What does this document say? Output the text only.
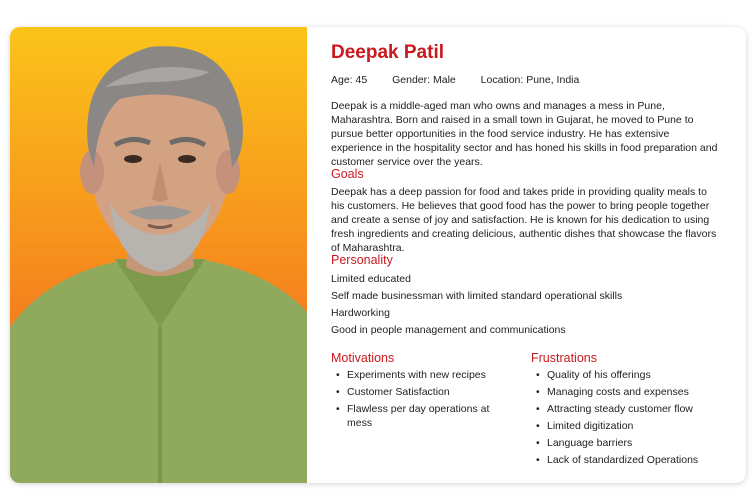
Deepak Patil
Age: 45 Gender: Male Location: Pune, India
Deepak is a middle-aged man who owns and manages a mess in Pune, Maharashtra. Born and raised in a small town in Gujarat, he moved to Pune to pursue better opportunities in the food service industry. He has extensive experience in the hospitality sector and has honed his skills in food preparation and customer service over the years.
Goals
Deepak has a deep passion for food and takes pride in providing quality meals to his customers. He believes that good food has the power to bring people together and create a sense of joy and satisfaction. He is known for his dedication to using fresh ingredients and creating delicious, authentic dishes that showcase the flavors of Maharashtra.
Personality
Limited educated
Self made businessman with limited standard operational skills
Hardworking
Good in people management and communications
Motivations
• Experiments with new recipes
• Customer Satisfaction
• Flawless per day operations at mess
Frustrations
• Quality of his offerings
• Managing costs and expenses
• Attracting steady customer flow
• Limited digitization
• Language barriers
• Lack of standardized Operations
